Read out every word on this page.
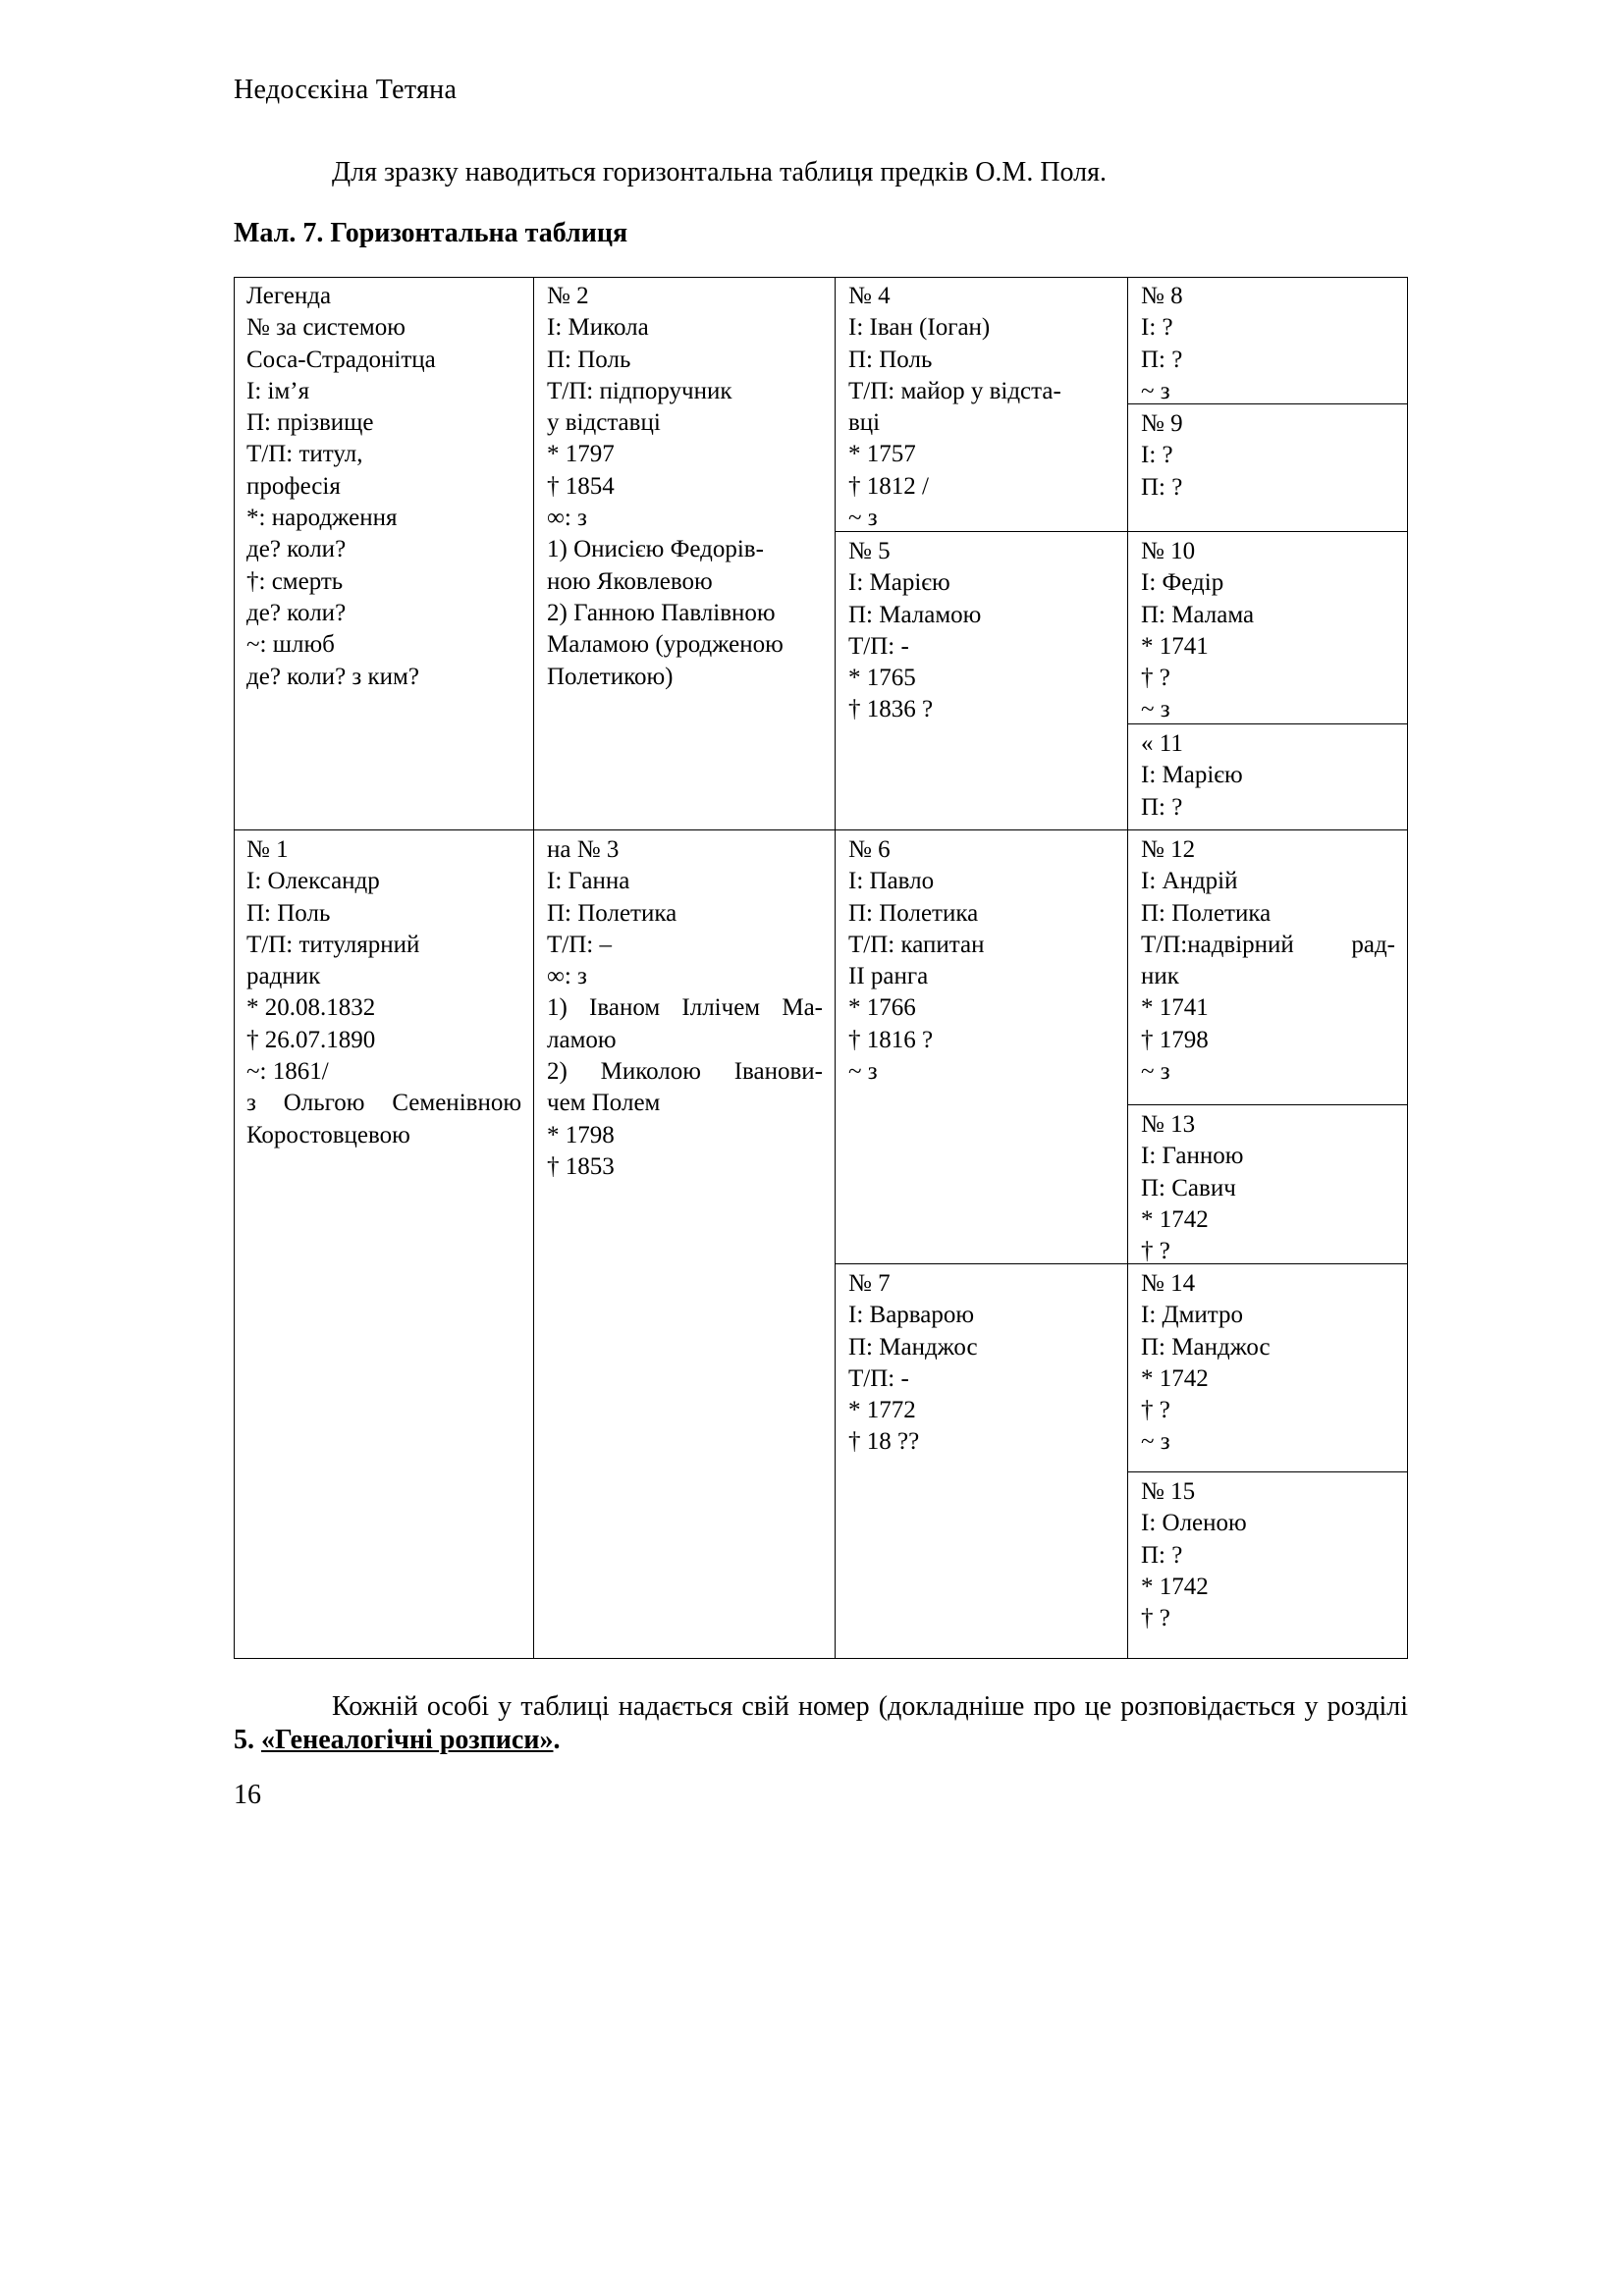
Недосєкіна Тетяна
Для зразку наводиться горизонтальна таблиця предків О.М. Поля.
Мал. 7. Горизонтальна таблиця
Легенда
№ за системою
Соса-Страдонітца
І: ім’я
П: прізвище
Т/П: титул,
професія
*: народження
де? коли?
†: смерть
де? коли?
~: шлюб
де? коли? з ким?
№ 2
І: Микола
П: Поль
Т/П: підпоручник
у відставці
* 1797
† 1854
∞: з
1) Онисією Федорів-
ною Яковлевою
2) Ганною Павлівною
Маламою (уродженою
Полетикою)
№ 4
І: Іван (Іоган)
П: Поль
Т/П: майор у відста-
вці
* 1757
† 1812 /
~ з
№ 8
І: ?
П: ?
~ з
№ 9
І: ?
П: ?
№ 5
І: Марією
П: Маламою
Т/П: -
* 1765
† 1836 ?
№ 10
І: Федір
П: Малама
* 1741
† ?
~ з
« 11
І: Марією
П: ?
№ 1
І: Олександр
П: Поль
Т/П: титулярний
радник
* 20.08.1832
† 26.07.1890
~: 1861/
з Ольгою Семенівною
Коростовцевою
на № 3
І: Ганна
П: Полетика
Т/П: –
∞: з
1) Іваном Іллічем Ма-
ламою
2) Миколою Іванови-
чем Полем
* 1798
† 1853
№ 6
І: Павло
П: Полетика
Т/П: капитан
ІІ ранга
* 1766
† 1816 ?
~ з
№ 12
І: Андрій
П: Полетика
Т/П:надвірний рад-
ник
* 1741
† 1798
~ з
№ 13
І: Ганною
П: Савич
* 1742
† ?
№ 7
І: Варварою
П: Манджос
Т/П: -
* 1772
† 18 ??
№ 14
І: Дмитро
П: Манджос
* 1742
† ?
~ з
№ 15
І: Оленою
П: ?
* 1742
† ?
Кожній особі у таблиці надається свій номер (докладніше про це розповідається у розділі 5. «Генеалогічні розписи».
16
